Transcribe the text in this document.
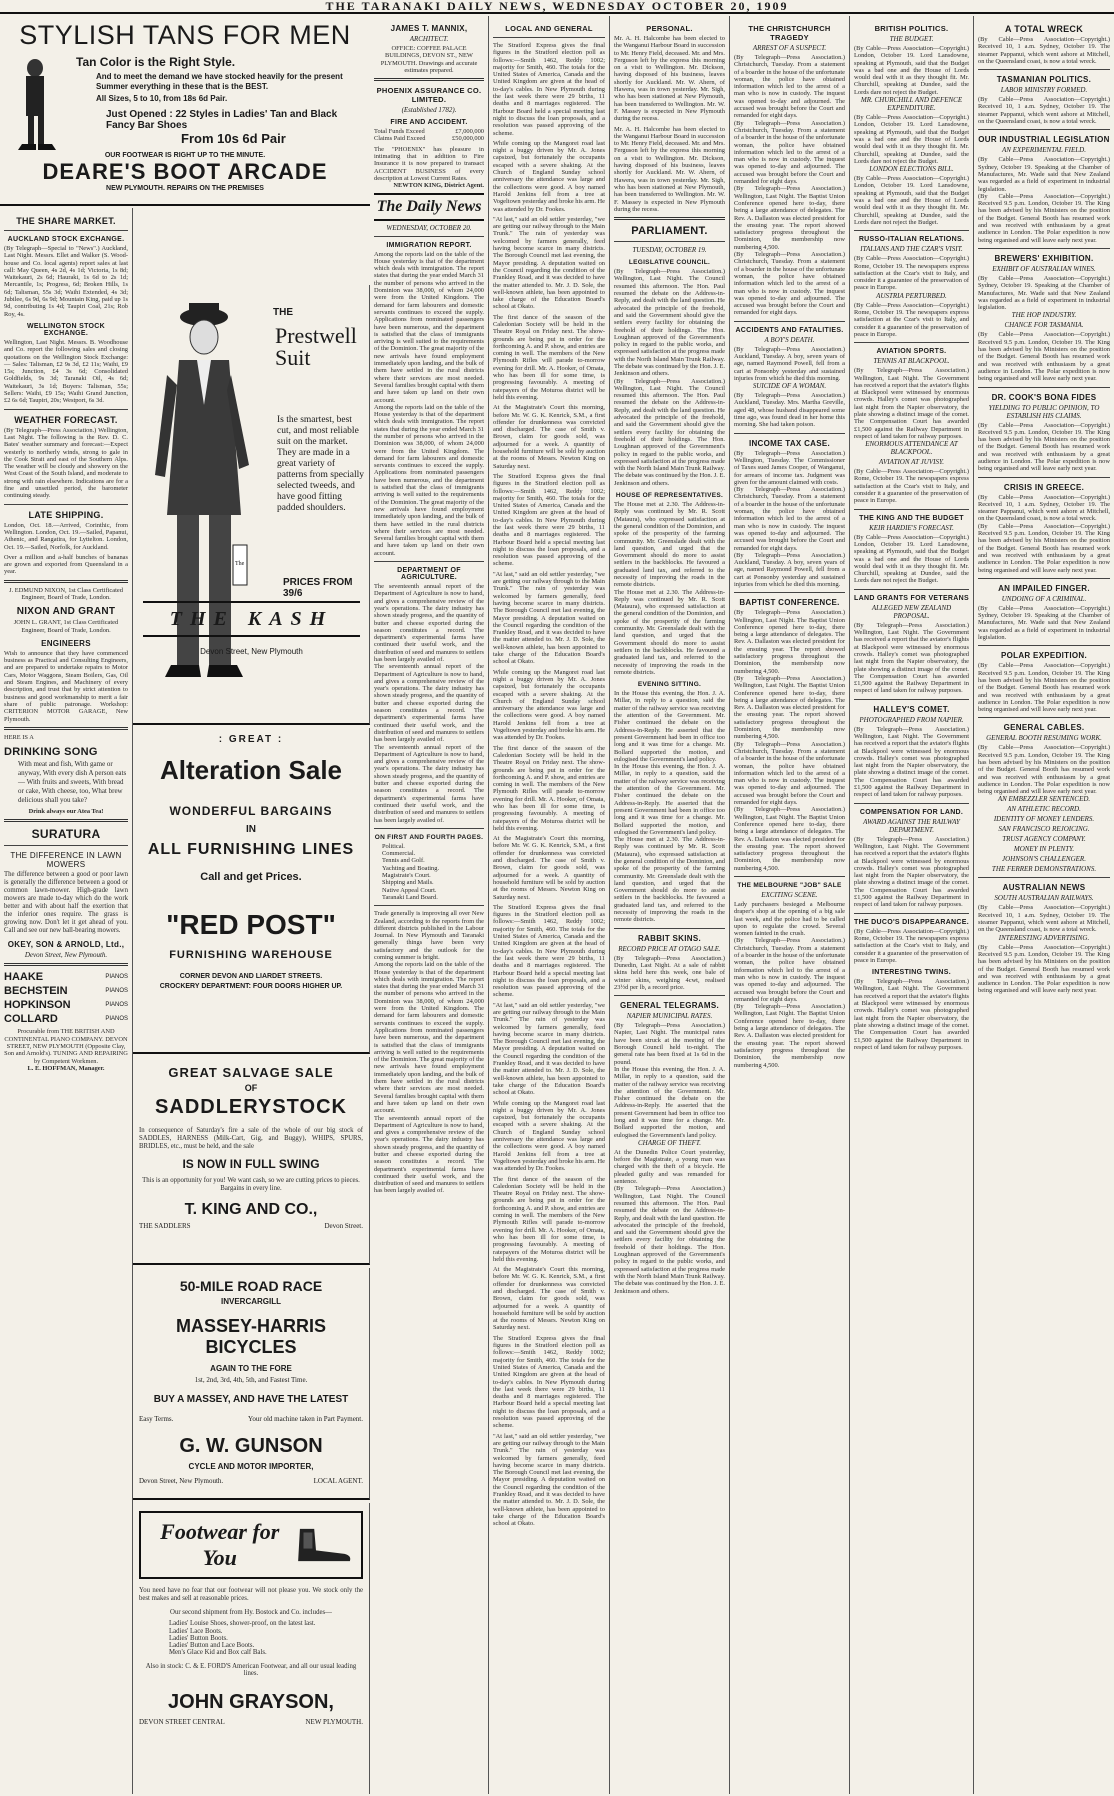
THE TARANAKI DAILY NEWS, WEDNESDAY OCTOBER 20, 1909
STYLISH TANS FOR MEN
Tan Color is the Right Style.
And to meet the demand we have stocked heavily for the present Summer everything in these that is the BEST.
All Sizes, 5 to 10, from 18s 6d Pair.
Just Opened : 22 Styles in Ladies' Tan and Black Fancy Bar Shoes
From 10s 6d Pair
OUR FOOTWEAR IS RIGHT UP TO THE MINUTE.
DEARE'S BOOT ARCADE
NEW PLYMOUTH. REPAIRS ON THE PREMISES
THE SHARE MARKET.
AUCKLAND STOCK EXCHANGE.
(By Telegraph—Special to "News".) Auckland, Last Night. Messrs. Ellet and Walker (S. Wood-house and Co. local agents) report sales at last call: May Queen, 4s 2d, 4s 1d; Victoria, 1s 8d; Waitekauri, 2s 6d; Hauraki, 1s 6d to 2s 1d; Mercantile, 1s; Progress, 6d; Broken Hills, 1s 6d; Talisman, 55s 3d; Waihi Extended, 4s 3d; Jubilee, 6s 9d, 6s 9d; Mountain King, paid up 1s 9d, contributing 1s 4d; Taupiri Coal, 21s; Rob Roy, 4s.
WELLINGTON STOCK EXCHANGE.
Wellington, Last Night. Messrs. B. Woodhouse and Co. report the following sales and closing quotations on the Wellington Stock Exchange:— Sales: Talisman, £2 9s 3d, £2 11s; Waihi, £9 15s; Junction, £4 3s 6d; Consolidated Goldfields, 9s 3d; Taranaki Oil, 4s 6d; Waitekauri, 3s 1d; Buyers: Talisman, 55s; Sellers: Waihi, £9 15s; Waihi Grand Junction, £2 6s 6d; Taupiri, 20s; Westport, 6s 3d.
WEATHER FORECAST.
(By Telegraph—Press Association.) Wellington, Last Night. The following is the Rev. D. C. Bates' weather summary and forecast:—Expect westerly to northerly winds, strong to gale in the Cook Strait and east of the Southern Alps. The weather will be cloudy and showery on the West Coast of the South Island, and moderate to strong with rain elsewhere. Indications are for a fine and unsettled period, the barometer continuing steady.
LATE SHIPPING.
London, Oct. 18.—Arrived, Corinthic, from Wellington. London, Oct. 19.—Sailed, Papanui, Athenic, and Rangatira, for Lyttelton. London, Oct. 19.—Sailed, Norfolk, for Auckland.
Over a million and a-half bunches of bananas are grown and exported from Queensland in a year.
J. EDMUND NIXON, 1st Class Certificated Engineer, Board of Trade, London.
NIXON AND GRANT
JOHN L. GRANT, 1st Class Certificated Engineer, Board of Trade, London.
ENGINEERS
Wish to announce that they have commenced business as Practical and Consulting Engineers, and are prepared to undertake repairs to Motor Cars, Motor Waggons, Steam Boilers, Gas, Oil and Steam Engines, and Machinery of every description, and trust that by strict attention to business and good workmanship to merit a fair share of public patronage. Workshop: CRITERION MOTOR GARAGE, New Plymouth.
HERE IS A
DRINKING SONG
With meat and fish, With game or anyway, With every dish A person eats— With fruits and sweets, With bread or cake, With cheese, too, What brew delicious shall you take?
Drink always our Atea Tea!
SURATURA
THE DIFFERENCE IN LAWN MOWERS
The difference between a good or poor lawn is generally the difference between a good or common lawn-mower. High-grade lawn mowers are made to-day which do the work better and with about half the exertion that the inferior ones require. The grass is growing now. Don't let it get ahead of you. Call and see our new ball-bearing mowers.
OKEY, SON & ARNOLD, Ltd.,
Devon Street, New Plymouth.
PIANOS
HAAKE
PIANOS
BECHSTEIN
PIANOS
HOPKINSON
PIANOS
COLLARD
Procurable from THE BRITISH AND CONTINENTAL PIANO COMPANY. DEVON STREET, NEW PLYMOUTH (Opposite Clay, Son and Arnold's). TUNING AND REPAIRING by Competent Workmen.
L. E. HOFFMAN, Manager.
The
THE
Prestwell Suit
Is the smartest, best cut, and most reliable suit on the market. They are made in a great variety of patterns from specially selected tweeds, and have good fitting padded shoulders.
PRICES FROM 39/6
THE KASH
Devon Street, New Plymouth
: GREAT :
Alteration Sale
WONDERFUL BARGAINS
IN
ALL FURNISHING LINES
Call and get Prices.
"RED POST"
FURNISHING WAREHOUSE
CORNER DEVON AND LIARDET STREETS.
CROCKERY DEPARTMENT: FOUR DOORS HIGHER UP.
GREAT SALVAGE SALE
OF
SADDLERYSTOCK
In consequence of Saturday's fire a sale of the whole of our big stock of SADDLES, HARNESS (Milk-Cart, Gig, and Buggy), WHIPS, SPURS, BRIDLES, etc., must be held, and the sale
IS NOW IN FULL SWING
This is an opportunity for you! We want cash, so we are cutting prices to pieces. Bargains in every line.
T. KING AND CO.,
THE SADDLERS	Devon Street.
50-MILE ROAD RACE
INVERCARGILL
MASSEY-HARRIS BICYCLES
AGAIN TO THE FORE
1st, 2nd, 3rd, 4th, 5th, and Fastest Time.
BUY A MASSEY, AND HAVE THE LATEST
Easy Terms.	Your old machine taken in Part Payment.
G. W. GUNSON
CYCLE AND MOTOR IMPORTER,
Devon Street, New Plymouth.	LOCAL AGENT.
Footwear for You
You need have no fear that our footwear will not please you. We stock only the best makes and sell at reasonable prices.
Our second shipment from Hy. Bostock and Co. includes—
Ladies' Louise Shoes, shower-proof, on the latest last.
Ladies' Lace Boots.
Ladies' Button Boots.
Ladies' Button and Lace Boots.
Men's Glace Kid and Box calf Bals.
Also in stock: C. & E. FORD'S American Footwear, and all our usual leading lines.
JOHN GRAYSON,
DEVON STREET CENTRAL	NEW PLYMOUTH.
JAMES T. MANNIX,
ARCHITECT.
OFFICE: COFFEE PALACE BUILDINGS, DEVON ST., NEW PLYMOUTH. Drawings and accurate estimates prepared.
PHOENIX ASSURANCE CO. LIMITED.
(Established 1782).
FIRE AND ACCIDENT.
Total Funds Exceed	£7,000,000
Claims Paid Exceed	£50,000,000
The "PHOENIX" has pleasure in intimating that in addition to Fire Insurance it is now prepared to transact ACCIDENT BUSINESS of every description at Lowest Current Rates.
NEWTON KING, District Agent.
The Daily News
WEDNESDAY, OCTOBER 20.
IMMIGRATION REPORT.
Among the reports laid on the table of the House yesterday is that of the department which deals with immigration. The report states that during the year ended March 31 the number of persons who arrived in the Dominion was 38,000, of whom 24,000 were from the United Kingdom. The demand for farm labourers and domestic servants continues to exceed the supply. Applications from nominated passengers have been numerous, and the department is satisfied that the class of immigrants arriving is well suited to the requirements of the Dominion. The great majority of the new arrivals have found employment immediately upon landing, and the bulk of them have settled in the rural districts where their services are most needed. Several families brought capital with them and have taken up land on their own account.
Among the reports laid on the table of the House yesterday is that of the department which deals with immigration. The report states that during the year ended March 31 the number of persons who arrived in the Dominion was 38,000, of whom 24,000 were from the United Kingdom. The demand for farm labourers and domestic servants continues to exceed the supply. Applications from nominated passengers have been numerous, and the department is satisfied that the class of immigrants arriving is well suited to the requirements of the Dominion. The great majority of the new arrivals have found employment immediately upon landing, and the bulk of them have settled in the rural districts where their services are most needed. Several families brought capital with them and have taken up land on their own account.
DEPARTMENT OF AGRICULTURE.
The seventeenth annual report of the Department of Agriculture is now to hand, and gives a comprehensive review of the year's operations. The dairy industry has shown steady progress, and the quantity of butter and cheese exported during the season constitutes a record. The department's experimental farms have continued their useful work, and the distribution of seed and manures to settlers has been largely availed of.
The seventeenth annual report of the Department of Agriculture is now to hand, and gives a comprehensive review of the year's operations. The dairy industry has shown steady progress, and the quantity of butter and cheese exported during the season constitutes a record. The department's experimental farms have continued their useful work, and the distribution of seed and manures to settlers has been largely availed of.
The seventeenth annual report of the Department of Agriculture is now to hand, and gives a comprehensive review of the year's operations. The dairy industry has shown steady progress, and the quantity of butter and cheese exported during the season constitutes a record. The department's experimental farms have continued their useful work, and the distribution of seed and manures to settlers has been largely availed of.
ON FIRST AND FOURTH PAGES.
Political.
Commercial.
Tennis and Golf.
Yachting and Boating.
Magistrate's Court.
Shipping and Mails.
Native Appeal Court.
Taranaki Land Board.
Trade generally is improving all over New Zealand, according to the reports from the different districts published in the Labour Journal. In New Plymouth and Taranaki generally things have been very satisfactory and the outlook for the coming summer is bright.
Among the reports laid on the table of the House yesterday is that of the department which deals with immigration. The report states that during the year ended March 31 the number of persons who arrived in the Dominion was 38,000, of whom 24,000 were from the United Kingdom. The demand for farm labourers and domestic servants continues to exceed the supply. Applications from nominated passengers have been numerous, and the department is satisfied that the class of immigrants arriving is well suited to the requirements of the Dominion. The great majority of the new arrivals have found employment immediately upon landing, and the bulk of them have settled in the rural districts where their services are most needed. Several families brought capital with them and have taken up land on their own account.
The seventeenth annual report of the Department of Agriculture is now to hand, and gives a comprehensive review of the year's operations. The dairy industry has shown steady progress, and the quantity of butter and cheese exported during the season constitutes a record. The department's experimental farms have continued their useful work, and the distribution of seed and manures to settlers has been largely availed of.
LOCAL AND GENERAL
The Stratford Express gives the final figures in the Stratford election poll as follows:—Smith 1462, Reddy 1002; majority for Smith, 460. The totals for the United States of America, Canada and the United Kingdom are given at the head of to-day's cables. In New Plymouth during the last week there were 29 births, 11 deaths and 8 marriages registered. The Harbour Board held a special meeting last night to discuss the loan proposals, and a resolution was passed approving of the scheme.
While coming up the Mangorei road last night a buggy driven by Mr. A. Jones capsized, but fortunately the occupants escaped with a severe shaking. At the Church of England Sunday school anniversary the attendance was large and the collections were good. A boy named Harold Jenkins fell from a tree at Vogeltown yesterday and broke his arm. He was attended by Dr. Fookes.
"At last," said an old settler yesterday, "we are getting our railway through to the Main Trunk." The rain of yesterday was welcomed by farmers generally, feed having become scarce in many districts. The Borough Council met last evening, the Mayor presiding. A deputation waited on the Council regarding the condition of the Frankley Road, and it was decided to have the matter attended to. Mr. J. D. Sole, the well-known athlete, has been appointed to take charge of the Education Board's school at Okato.
The first dance of the season of the Caledonian Society will be held in the Theatre Royal on Friday next. The show-grounds are being put in order for the forthcoming A. and P. show, and entries are coming in well. The members of the New Plymouth Rifles will parade to-morrow evening for drill. Mr. A. Hooker, of Omata, who has been ill for some time, is progressing favourably. A meeting of ratepayers of the Moturoa district will be held this evening.
At the Magistrate's Court this morning, before Mr. W. G. K. Kenrick, S.M., a first offender for drunkenness was convicted and discharged. The case of Smith v. Brown, claim for goods sold, was adjourned for a week. A quantity of household furniture will be sold by auction at the rooms of Messrs. Newton King on Saturday next.
The Stratford Express gives the final figures in the Stratford election poll as follows:—Smith 1462, Reddy 1002; majority for Smith, 460. The totals for the United States of America, Canada and the United Kingdom are given at the head of to-day's cables. In New Plymouth during the last week there were 29 births, 11 deaths and 8 marriages registered. The Harbour Board held a special meeting last night to discuss the loan proposals, and a resolution was passed approving of the scheme.
"At last," said an old settler yesterday, "we are getting our railway through to the Main Trunk." The rain of yesterday was welcomed by farmers generally, feed having become scarce in many districts. The Borough Council met last evening, the Mayor presiding. A deputation waited on the Council regarding the condition of the Frankley Road, and it was decided to have the matter attended to. Mr. J. D. Sole, the well-known athlete, has been appointed to take charge of the Education Board's school at Okato.
While coming up the Mangorei road last night a buggy driven by Mr. A. Jones capsized, but fortunately the occupants escaped with a severe shaking. At the Church of England Sunday school anniversary the attendance was large and the collections were good. A boy named Harold Jenkins fell from a tree at Vogeltown yesterday and broke his arm. He was attended by Dr. Fookes.
The first dance of the season of the Caledonian Society will be held in the Theatre Royal on Friday next. The show-grounds are being put in order for the forthcoming A. and P. show, and entries are coming in well. The members of the New Plymouth Rifles will parade to-morrow evening for drill. Mr. A. Hooker, of Omata, who has been ill for some time, is progressing favourably. A meeting of ratepayers of the Moturoa district will be held this evening.
At the Magistrate's Court this morning, before Mr. W. G. K. Kenrick, S.M., a first offender for drunkenness was convicted and discharged. The case of Smith v. Brown, claim for goods sold, was adjourned for a week. A quantity of household furniture will be sold by auction at the rooms of Messrs. Newton King on Saturday next.
The Stratford Express gives the final figures in the Stratford election poll as follows:—Smith 1462, Reddy 1002; majority for Smith, 460. The totals for the United States of America, Canada and the United Kingdom are given at the head of to-day's cables. In New Plymouth during the last week there were 29 births, 11 deaths and 8 marriages registered. The Harbour Board held a special meeting last night to discuss the loan proposals, and a resolution was passed approving of the scheme.
"At last," said an old settler yesterday, "we are getting our railway through to the Main Trunk." The rain of yesterday was welcomed by farmers generally, feed having become scarce in many districts. The Borough Council met last evening, the Mayor presiding. A deputation waited on the Council regarding the condition of the Frankley Road, and it was decided to have the matter attended to. Mr. J. D. Sole, the well-known athlete, has been appointed to take charge of the Education Board's school at Okato.
While coming up the Mangorei road last night a buggy driven by Mr. A. Jones capsized, but fortunately the occupants escaped with a severe shaking. At the Church of England Sunday school anniversary the attendance was large and the collections were good. A boy named Harold Jenkins fell from a tree at Vogeltown yesterday and broke his arm. He was attended by Dr. Fookes.
The first dance of the season of the Caledonian Society will be held in the Theatre Royal on Friday next. The show-grounds are being put in order for the forthcoming A. and P. show, and entries are coming in well. The members of the New Plymouth Rifles will parade to-morrow evening for drill. Mr. A. Hooker, of Omata, who has been ill for some time, is progressing favourably. A meeting of ratepayers of the Moturoa district will be held this evening.
At the Magistrate's Court this morning, before Mr. W. G. K. Kenrick, S.M., a first offender for drunkenness was convicted and discharged. The case of Smith v. Brown, claim for goods sold, was adjourned for a week. A quantity of household furniture will be sold by auction at the rooms of Messrs. Newton King on Saturday next.
The Stratford Express gives the final figures in the Stratford election poll as follows:—Smith 1462, Reddy 1002; majority for Smith, 460. The totals for the United States of America, Canada and the United Kingdom are given at the head of to-day's cables. In New Plymouth during the last week there were 29 births, 11 deaths and 8 marriages registered. The Harbour Board held a special meeting last night to discuss the loan proposals, and a resolution was passed approving of the scheme.
"At last," said an old settler yesterday, "we are getting our railway through to the Main Trunk." The rain of yesterday was welcomed by farmers generally, feed having become scarce in many districts. The Borough Council met last evening, the Mayor presiding. A deputation waited on the Council regarding the condition of the Frankley Road, and it was decided to have the matter attended to. Mr. J. D. Sole, the well-known athlete, has been appointed to take charge of the Education Board's school at Okato.
PERSONAL.
Mr. A. H. Halcombe has been elected to the Wanganui Harbour Board in succession to Mr. Henry Field, deceased. Mr. and Mrs. Ferguson left by the express this morning on a visit to Wellington. Mr. Dickson, having disposed of his business, leaves shortly for Auckland. Mr. W. Ahern, of Hawera, was in town yesterday. Mr. Sigh, who has been stationed at New Plymouth, has been transferred to Wellington. Mr. W. F. Massey is expected in New Plymouth during the recess.
Mr. A. H. Halcombe has been elected to the Wanganui Harbour Board in succession to Mr. Henry Field, deceased. Mr. and Mrs. Ferguson left by the express this morning on a visit to Wellington. Mr. Dickson, having disposed of his business, leaves shortly for Auckland. Mr. W. Ahern, of Hawera, was in town yesterday. Mr. Sigh, who has been stationed at New Plymouth, has been transferred to Wellington. Mr. W. F. Massey is expected in New Plymouth during the recess.
PARLIAMENT.
TUESDAY, OCTOBER 19.
LEGISLATIVE COUNCIL.
(By Telegraph—Press Association.) Wellington, Last Night. The Council resumed this afternoon. The Hon. Paul resumed the debate on the Address-in-Reply, and dealt with the land question. He advocated the principle of the freehold, and said the Government should give the settlers every facility for obtaining the freehold of their holdings. The Hon. Loughnan approved of the Government's policy in regard to the public works, and expressed satisfaction at the progress made with the North Island Main Trunk Railway. The debate was continued by the Hon. J. E. Jenkinson and others.
(By Telegraph—Press Association.) Wellington, Last Night. The Council resumed this afternoon. The Hon. Paul resumed the debate on the Address-in-Reply, and dealt with the land question. He advocated the principle of the freehold, and said the Government should give the settlers every facility for obtaining the freehold of their holdings. The Hon. Loughnan approved of the Government's policy in regard to the public works, and expressed satisfaction at the progress made with the North Island Main Trunk Railway. The debate was continued by the Hon. J. E. Jenkinson and others.
HOUSE OF REPRESENTATIVES.
The House met at 2.30. The Address-in-Reply was continued by Mr. R. Scott (Mataura), who expressed satisfaction at the general condition of the Dominion, and spoke of the prosperity of the farming community. Mr. Greenslade dealt with the land question, and urged that the Government should do more to assist settlers in the backblocks. He favoured a graduated land tax, and referred to the necessity of improving the roads in the remote districts.
The House met at 2.30. The Address-in-Reply was continued by Mr. R. Scott (Mataura), who expressed satisfaction at the general condition of the Dominion, and spoke of the prosperity of the farming community. Mr. Greenslade dealt with the land question, and urged that the Government should do more to assist settlers in the backblocks. He favoured a graduated land tax, and referred to the necessity of improving the roads in the remote districts.
EVENING SITTING.
In the House this evening, the Hon. J. A. Millar, in reply to a question, said the matter of the railway service was receiving the attention of the Government. Mr. Fisher continued the debate on the Address-in-Reply. He asserted that the present Government had been in office too long and it was time for a change. Mr. Bollard supported the motion, and eulogised the Government's land policy.
In the House this evening, the Hon. J. A. Millar, in reply to a question, said the matter of the railway service was receiving the attention of the Government. Mr. Fisher continued the debate on the Address-in-Reply. He asserted that the present Government had been in office too long and it was time for a change. Mr. Bollard supported the motion, and eulogised the Government's land policy.
The House met at 2.30. The Address-in-Reply was continued by Mr. R. Scott (Mataura), who expressed satisfaction at the general condition of the Dominion, and spoke of the prosperity of the farming community. Mr. Greenslade dealt with the land question, and urged that the Government should do more to assist settlers in the backblocks. He favoured a graduated land tax, and referred to the necessity of improving the roads in the remote districts.
RABBIT SKINS.
RECORD PRICE AT OTAGO SALE.
(By Telegraph—Press Association.) Dunedin, Last Night. At a sale of rabbit skins held here this week, one bale of winter skins, weighing 4cwt, realised 23½d per lb, a record price.
GENERAL TELEGRAMS.
NAPIER MUNICIPAL RATES.
(By Telegraph—Press Association.) Napier, Last Night. The municipal rates have been struck at the meeting of the Borough Council held to-night. The general rate has been fixed at 1s 6d in the pound.
In the House this evening, the Hon. J. A. Millar, in reply to a question, said the matter of the railway service was receiving the attention of the Government. Mr. Fisher continued the debate on the Address-in-Reply. He asserted that the present Government had been in office too long and it was time for a change. Mr. Bollard supported the motion, and eulogised the Government's land policy.
CHARGE OF THEFT.
At the Dunedin Police Court yesterday, before the Magistrate, a young man was charged with the theft of a bicycle. He pleaded guilty and was remanded for sentence.
(By Telegraph—Press Association.) Wellington, Last Night. The Council resumed this afternoon. The Hon. Paul resumed the debate on the Address-in-Reply, and dealt with the land question. He advocated the principle of the freehold, and said the Government should give the settlers every facility for obtaining the freehold of their holdings. The Hon. Loughnan approved of the Government's policy in regard to the public works, and expressed satisfaction at the progress made with the North Island Main Trunk Railway. The debate was continued by the Hon. J. E. Jenkinson and others.
THE CHRISTCHURCH TRAGEDY
ARREST OF A SUSPECT.
(By Telegraph—Press Association.) Christchurch, Tuesday. From a statement of a boarder in the house of the unfortunate woman, the police have obtained information which led to the arrest of a man who is now in custody. The inquest was opened to-day and adjourned. The accused was brought before the Court and remanded for eight days.
(By Telegraph—Press Association.) Christchurch, Tuesday. From a statement of a boarder in the house of the unfortunate woman, the police have obtained information which led to the arrest of a man who is now in custody. The inquest was opened to-day and adjourned. The accused was brought before the Court and remanded for eight days.
(By Telegraph—Press Association.) Wellington, Last Night. The Baptist Union Conference opened here to-day, there being a large attendance of delegates. The Rev. A. Dallaston was elected president for the ensuing year. The report showed satisfactory progress throughout the Dominion, the membership now numbering 4,500.
(By Telegraph—Press Association.) Christchurch, Tuesday. From a statement of a boarder in the house of the unfortunate woman, the police have obtained information which led to the arrest of a man who is now in custody. The inquest was opened to-day and adjourned. The accused was brought before the Court and remanded for eight days.
ACCIDENTS AND FATALITIES.
A BOY'S DEATH.
(By Telegraph—Press Association.) Auckland, Tuesday. A boy, seven years of age, named Raymond Powell, fell from a cart at Ponsonby yesterday and sustained injuries from which he died this morning.
SUICIDE OF A WOMAN.
(By Telegraph—Press Association.) Auckland, Tuesday. Mrs. Martha Greville, aged 48, whose husband disappeared some time ago, was found dead in her home this morning. She had taken poison.
INCOME TAX CASE.
(By Telegraph—Press Association.) Wellington, Tuesday. The Commissioner of Taxes sued James Cooper, of Wanganui, for arrears of income tax. Judgment was given for the amount claimed with costs.
(By Telegraph—Press Association.) Christchurch, Tuesday. From a statement of a boarder in the house of the unfortunate woman, the police have obtained information which led to the arrest of a man who is now in custody. The inquest was opened to-day and adjourned. The accused was brought before the Court and remanded for eight days.
(By Telegraph—Press Association.) Auckland, Tuesday. A boy, seven years of age, named Raymond Powell, fell from a cart at Ponsonby yesterday and sustained injuries from which he died this morning.
BAPTIST CONFERENCE.
(By Telegraph—Press Association.) Wellington, Last Night. The Baptist Union Conference opened here to-day, there being a large attendance of delegates. The Rev. A. Dallaston was elected president for the ensuing year. The report showed satisfactory progress throughout the Dominion, the membership now numbering 4,500.
(By Telegraph—Press Association.) Wellington, Last Night. The Baptist Union Conference opened here to-day, there being a large attendance of delegates. The Rev. A. Dallaston was elected president for the ensuing year. The report showed satisfactory progress throughout the Dominion, the membership now numbering 4,500.
(By Telegraph—Press Association.) Christchurch, Tuesday. From a statement of a boarder in the house of the unfortunate woman, the police have obtained information which led to the arrest of a man who is now in custody. The inquest was opened to-day and adjourned. The accused was brought before the Court and remanded for eight days.
(By Telegraph—Press Association.) Wellington, Last Night. The Baptist Union Conference opened here to-day, there being a large attendance of delegates. The Rev. A. Dallaston was elected president for the ensuing year. The report showed satisfactory progress throughout the Dominion, the membership now numbering 4,500.
THE MELBOURNE "JOB" SALE
EXCITING SCENE.
Lady purchasers besieged a Melbourne draper's shop at the opening of a big sale last week, and the police had to be called upon to regulate the crowd. Several women fainted in the crush.
(By Telegraph—Press Association.) Christchurch, Tuesday. From a statement of a boarder in the house of the unfortunate woman, the police have obtained information which led to the arrest of a man who is now in custody. The inquest was opened to-day and adjourned. The accused was brought before the Court and remanded for eight days.
(By Telegraph—Press Association.) Wellington, Last Night. The Baptist Union Conference opened here to-day, there being a large attendance of delegates. The Rev. A. Dallaston was elected president for the ensuing year. The report showed satisfactory progress throughout the Dominion, the membership now numbering 4,500.
BRITISH POLITICS.
THE BUDGET.
(By Cable—Press Association—Copyright.) London, October 19. Lord Lansdowne, speaking at Plymouth, said that the Budget was a bad one and the House of Lords would deal with it as they thought fit. Mr. Churchill, speaking at Dundee, said the Lords dare not reject the Budget.
MR. CHURCHILL AND DEFENCE EXPENDITURE.
(By Cable—Press Association—Copyright.) London, October 19. Lord Lansdowne, speaking at Plymouth, said that the Budget was a bad one and the House of Lords would deal with it as they thought fit. Mr. Churchill, speaking at Dundee, said the Lords dare not reject the Budget.
LONDON ELECTIONS BILL.
(By Cable—Press Association—Copyright.) London, October 19. Lord Lansdowne, speaking at Plymouth, said that the Budget was a bad one and the House of Lords would deal with it as they thought fit. Mr. Churchill, speaking at Dundee, said the Lords dare not reject the Budget.
RUSSO-ITALIAN RELATIONS.
ITALIANS AND THE CZAR'S VISIT.
(By Cable—Press Association—Copyright.) Rome, October 19. The newspapers express satisfaction at the Czar's visit to Italy, and consider it a guarantee of the preservation of peace in Europe.
AUSTRIA PERTURBED.
(By Cable—Press Association—Copyright.) Rome, October 19. The newspapers express satisfaction at the Czar's visit to Italy, and consider it a guarantee of the preservation of peace in Europe.
AVIATION SPORTS.
TENNIS AT BLACKPOOL.
(By Telegraph—Press Association.) Wellington, Last Night. The Government has received a report that the aviator's flights at Blackpool were witnessed by enormous crowds. Halley's comet was photographed last night from the Napier observatory, the plate showing a distinct image of the comet. The Compensation Court has awarded £1,500 against the Railway Department in respect of land taken for railway purposes.
ENORMOUS ATTENDANCE AT BLACKPOOL.
AVIATION AT JUVISY.
(By Cable—Press Association—Copyright.) Rome, October 19. The newspapers express satisfaction at the Czar's visit to Italy, and consider it a guarantee of the preservation of peace in Europe.
THE KING AND THE BUDGET
KEIR HARDIE'S FORECAST.
(By Cable—Press Association—Copyright.) London, October 19. Lord Lansdowne, speaking at Plymouth, said that the Budget was a bad one and the House of Lords would deal with it as they thought fit. Mr. Churchill, speaking at Dundee, said the Lords dare not reject the Budget.
LAND GRANTS FOR VETERANS
ALLEGED NEW ZEALAND PROPOSAL.
(By Telegraph—Press Association.) Wellington, Last Night. The Government has received a report that the aviator's flights at Blackpool were witnessed by enormous crowds. Halley's comet was photographed last night from the Napier observatory, the plate showing a distinct image of the comet. The Compensation Court has awarded £1,500 against the Railway Department in respect of land taken for railway purposes.
HALLEY'S COMET.
PHOTOGRAPHED FROM NAPIER.
(By Telegraph—Press Association.) Wellington, Last Night. The Government has received a report that the aviator's flights at Blackpool were witnessed by enormous crowds. Halley's comet was photographed last night from the Napier observatory, the plate showing a distinct image of the comet. The Compensation Court has awarded £1,500 against the Railway Department in respect of land taken for railway purposes.
COMPENSATION FOR LAND.
AWARD AGAINST THE RAILWAY DEPARTMENT.
(By Telegraph—Press Association.) Wellington, Last Night. The Government has received a report that the aviator's flights at Blackpool were witnessed by enormous crowds. Halley's comet was photographed last night from the Napier observatory, the plate showing a distinct image of the comet. The Compensation Court has awarded £1,500 against the Railway Department in respect of land taken for railway purposes.
THE DUCO'S DISAPPEARANCE.
(By Cable—Press Association—Copyright.) Rome, October 19. The newspapers express satisfaction at the Czar's visit to Italy, and consider it a guarantee of the preservation of peace in Europe.
INTERESTING TWINS.
(By Telegraph—Press Association.) Wellington, Last Night. The Government has received a report that the aviator's flights at Blackpool were witnessed by enormous crowds. Halley's comet was photographed last night from the Napier observatory, the plate showing a distinct image of the comet. The Compensation Court has awarded £1,500 against the Railway Department in respect of land taken for railway purposes.
A TOTAL WRECK
(By Cable—Press Association—Copyright.) Received 10, 1 a.m. Sydney, October 19. The steamer Pappanui, which went ashore at Mitchell, on the Queensland coast, is now a total wreck.
TASMANIAN POLITICS.
LABOR MINISTRY FORMED.
(By Cable—Press Association—Copyright.) Received 10, 1 a.m. Sydney, October 19. The steamer Pappanui, which went ashore at Mitchell, on the Queensland coast, is now a total wreck.
OUR INDUSTRIAL LEGISLATION
AN EXPERIMENTAL FIELD.
(By Cable—Press Association—Copyright.) Sydney, October 19. Speaking at the Chamber of Manufactures, Mr. Wade said that New Zealand was regarded as a field of experiment in industrial legislation.
(By Cable—Press Association—Copyright.) Received 9.5 p.m. London, October 19. The King has been advised by his Ministers on the position of the Budget. General Booth has resumed work and was received with enthusiasm by a great audience in London. The Polar expedition is now being organised and will leave early next year.
BREWERS' EXHIBITION.
EXHIBIT OF AUSTRALIAN WINES.
(By Cable—Press Association—Copyright.) Sydney, October 19. Speaking at the Chamber of Manufactures, Mr. Wade said that New Zealand was regarded as a field of experiment in industrial legislation.
THE HOP INDUSTRY.
CHANCE FOR TASMANIA.
(By Cable—Press Association—Copyright.) Received 9.5 p.m. London, October 19. The King has been advised by his Ministers on the position of the Budget. General Booth has resumed work and was received with enthusiasm by a great audience in London. The Polar expedition is now being organised and will leave early next year.
DR. COOK'S BONA FIDES
YIELDING TO PUBLIC OPINION, TO ESTABLISH HIS CLAIMS.
(By Cable—Press Association—Copyright.) Received 9.5 p.m. London, October 19. The King has been advised by his Ministers on the position of the Budget. General Booth has resumed work and was received with enthusiasm by a great audience in London. The Polar expedition is now being organised and will leave early next year.
CRISIS IN GREECE.
(By Cable—Press Association—Copyright.) Received 10, 1 a.m. Sydney, October 19. The steamer Pappanui, which went ashore at Mitchell, on the Queensland coast, is now a total wreck.
(By Cable—Press Association—Copyright.) Received 9.5 p.m. London, October 19. The King has been advised by his Ministers on the position of the Budget. General Booth has resumed work and was received with enthusiasm by a great audience in London. The Polar expedition is now being organised and will leave early next year.
AN IMPAILED FINGER.
UNDOING OF A CRIMINAL.
(By Cable—Press Association—Copyright.) Sydney, October 19. Speaking at the Chamber of Manufactures, Mr. Wade said that New Zealand was regarded as a field of experiment in industrial legislation.
POLAR EXPEDITION.
(By Cable—Press Association—Copyright.) Received 9.5 p.m. London, October 19. The King has been advised by his Ministers on the position of the Budget. General Booth has resumed work and was received with enthusiasm by a great audience in London. The Polar expedition is now being organised and will leave early next year.
GENERAL CABLES.
GENERAL BOOTH RESUMING WORK.
(By Cable—Press Association—Copyright.) Received 9.5 p.m. London, October 19. The King has been advised by his Ministers on the position of the Budget. General Booth has resumed work and was received with enthusiasm by a great audience in London. The Polar expedition is now being organised and will leave early next year.
AN EMBEZZLER SENTENCED.
AN ATHLETIC RECORD.
IDENTITY OF MONEY LENDERS.
SAN FRANCISCO REJOICING.
TRUST AGENCY COMPANY.
MONEY IN PLENTY.
JOHNSON'S CHALLENGER.
THE FERRER DEMONSTRATIONS.
AUSTRALIAN NEWS
SOUTH AUSTRALIAN RAILWAYS.
(By Cable—Press Association—Copyright.) Received 10, 1 a.m. Sydney, October 19. The steamer Pappanui, which went ashore at Mitchell, on the Queensland coast, is now a total wreck.
INTERESTING ADVERTISING.
(By Cable—Press Association—Copyright.) Received 9.5 p.m. London, October 19. The King has been advised by his Ministers on the position of the Budget. General Booth has resumed work and was received with enthusiasm by a great audience in London. The Polar expedition is now being organised and will leave early next year.
